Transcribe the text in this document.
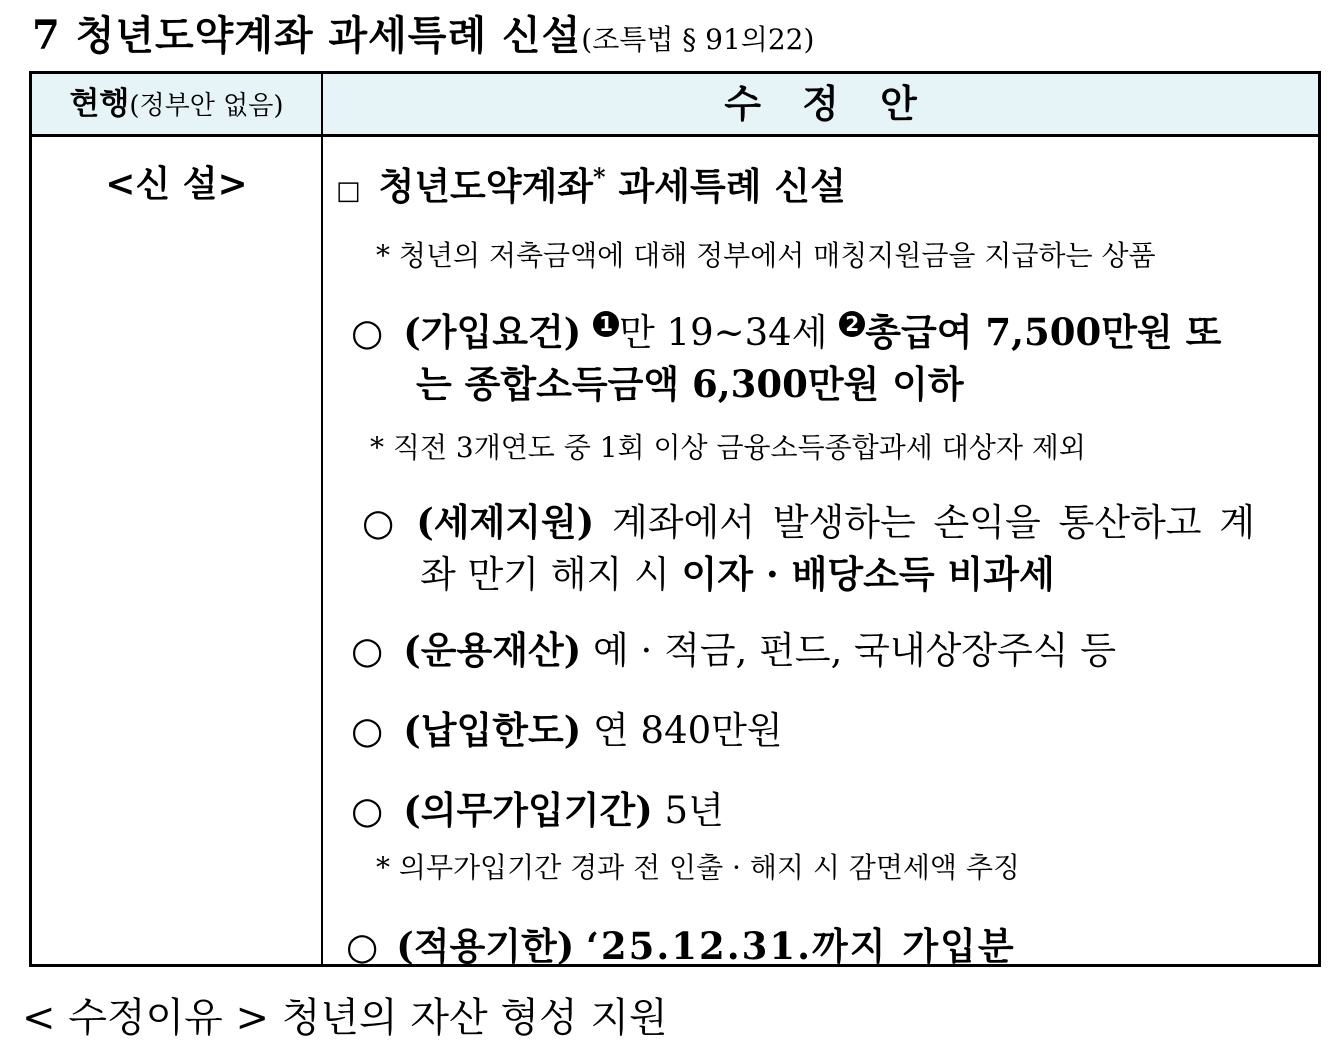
7 청년도약계좌 과세특례 신설(조특법 § 91의22)
현행(정부안 없음)	수 정 안
<신 설>	□ 청년도약계좌* 과세특례 신설
* 청년의 저축금액에 대해 정부에서 매칭지원금을 지급하는 상품
○ (가입요건) 1 만 19~34세 2 총급여 7,500만원 또
는 종합소득금액 6,300만원 이하
* 직전 3개연도 중 1회 이상 금융소득종합과세 대상자 제외
○ (세제지원) 계좌에서 발생하는 손익을 통산하고 계
좌 만기 해지 시 이자 · 배당소득 비과세
○ (운용재산) 예 · 적금, 펀드, 국내상장주식 등
○ (납입한도) 연 840만원
○ (의무가입기간) 5년
* 의무가입기간 경과 전 인출 · 해지 시 감면세액 추징
○ (적용기한) ‘25.12.31.까지 가입분
< 수정이유 > 청년의 자산 형성 지원
